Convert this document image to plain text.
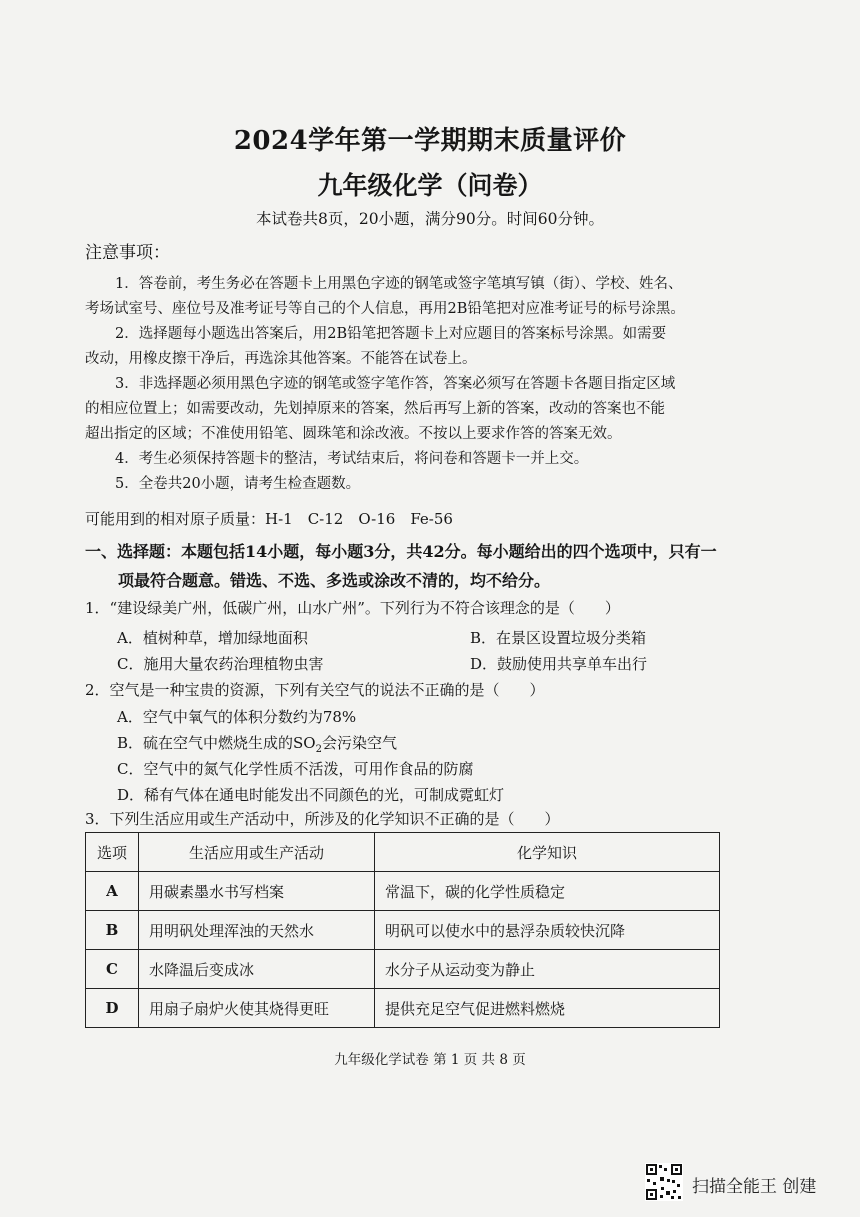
2024学年第一学期期末质量评价
九年级化学（问卷）
本试卷共8页，20小题，满分90分。时间60分钟。
注意事项：

1．答卷前，考生务必在答题卡上用黑色字迹的钢笔或签字笔填写镇（街）、学校、姓名、

考场试室号、座位号及准考证号等自己的个人信息，再用2B铅笔把对应准考证号的标号涂黑。

2．选择题每小题选出答案后，用2B铅笔把答题卡上对应题目的答案标号涂黑。如需要

改动，用橡皮擦干净后，再选涂其他答案。不能答在试卷上。

3．非选择题必须用黑色字迹的钢笔或签字笔作答，答案必须写在答题卡各题目指定区域

的相应位置上；如需要改动，先划掉原来的答案，然后再写上新的答案，改动的答案也不能

超出指定的区域；不准使用铅笔、圆珠笔和涂改液。不按以上要求作答的答案无效。

4．考生必须保持答题卡的整洁，考试结束后，将问卷和答题卡一并上交。

5．全卷共20小题，请考生检查题数。

可能用到的相对原子质量：H-1　C-12　O-16　Fe-56
一、选择题：本题包括14小题，每小题3分，共42分。每小题给出的四个选项中，只有一
项最符合题意。错选、不选、多选或涂改不清的，均不给分。
1．“建设绿美广州，低碳广州，山水广州”。下列行为不符合该理念的是（　　）
A．植树种草，增加绿地面积	B．在景区设置垃圾分类箱
C．施用大量农药治理植物虫害	D．鼓励使用共享单车出行
2．空气是一种宝贵的资源，下列有关空气的说法不正确的是（　　）
A．空气中氧气的体积分数约为78%
B．硫在空气中燃烧生成的$SO_2$会污染空气
C．空气中的氮气化学性质不活泼，可用作食品的防腐
D．稀有气体在通电时能发出不同颜色的光，可制成霓虹灯
3．下列生活应用或生产活动中，所涉及的化学知识不正确的是（　　）
选项	生活应用或生产活动	化学知识
A	用碳素墨水书写档案	常温下，碳的化学性质稳定
B	用明矾处理浑浊的天然水	明矾可以使水中的悬浮杂质较快沉降
C	水降温后变成冰	水分子从运动变为静止
D	用扇子扇炉火使其烧得更旺	提供充足空气促进燃料燃烧
九年级化学试卷 第 1 页 共 8 页
扫描全能王 创建
